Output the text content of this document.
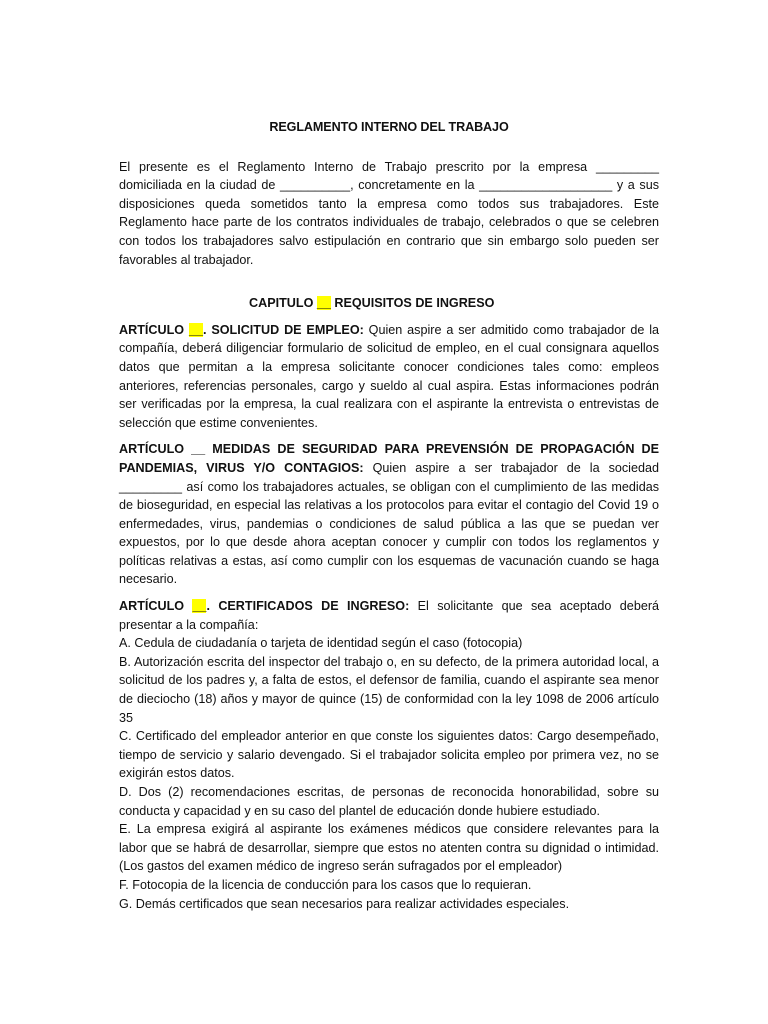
REGLAMENTO INTERNO DEL TRABAJO

El presente es el Reglamento Interno de Trabajo prescrito por la empresa _________ domiciliada en la ciudad de __________, concretamente en la ___________________ y a sus disposiciones queda sometidos tanto la empresa como todos sus trabajadores. Este Reglamento hace parte de los contratos individuales de trabajo, celebrados o que se celebren con todos los trabajadores salvo estipulación en contrario que sin embargo solo pueden ser favorables al trabajador.

CAPITULO __ REQUISITOS DE INGRESO

ARTÍCULO __. SOLICITUD DE EMPLEO: Quien aspire a ser admitido como trabajador de la compañía, deberá diligenciar formulario de solicitud de empleo, en el cual consignara aquellos datos que permitan a la empresa solicitante conocer condiciones tales como: empleos anteriores, referencias personales, cargo y sueldo al cual aspira. Estas informaciones podrán ser verificadas por la empresa, la cual realizara con el aspirante la entrevista o entrevistas de selección que estime convenientes.

ARTÍCULO __ MEDIDAS DE SEGURIDAD PARA PREVENSIÓN DE PROPAGACIÓN DE PANDEMIAS, VIRUS Y/O CONTAGIOS: Quien aspire a ser trabajador de la sociedad _________ así como los trabajadores actuales, se obligan con el cumplimiento de las medidas de bioseguridad, en especial las relativas a los protocolos para evitar el contagio del Covid 19 o enfermedades, virus, pandemias o condiciones de salud pública a las que se puedan ver expuestos, por lo que desde ahora aceptan conocer y cumplir con todos los reglamentos y políticas relativas a estas, así como cumplir con los esquemas de vacunación cuando se haga necesario.

ARTÍCULO __. CERTIFICADOS DE INGRESO: El solicitante que sea aceptado deberá presentar a la compañía:
A. Cedula de ciudadanía o tarjeta de identidad según el caso (fotocopia)
B. Autorización escrita del inspector del trabajo o, en su defecto, de la primera autoridad local, a solicitud de los padres y, a falta de estos, el defensor de familia, cuando el aspirante sea menor de dieciocho (18) años y mayor de quince (15) de conformidad con la ley 1098 de 2006 artículo 35
C. Certificado del empleador anterior en que conste los siguientes datos: Cargo desempeñado, tiempo de servicio y salario devengado. Si el trabajador solicita empleo por primera vez, no se exigirán estos datos.
D. Dos (2) recomendaciones escritas, de personas de reconocida honorabilidad, sobre su conducta y capacidad y en su caso del plantel de educación donde hubiere estudiado.
E. La empresa exigirá al aspirante los exámenes médicos que considere relevantes para la labor que se habrá de desarrollar, siempre que estos no atenten contra su dignidad o intimidad. (Los gastos del examen médico de ingreso serán sufragados por el empleador)
F. Fotocopia de la licencia de conducción para los casos que lo requieran.
G. Demás certificados que sean necesarios para realizar actividades especiales.
